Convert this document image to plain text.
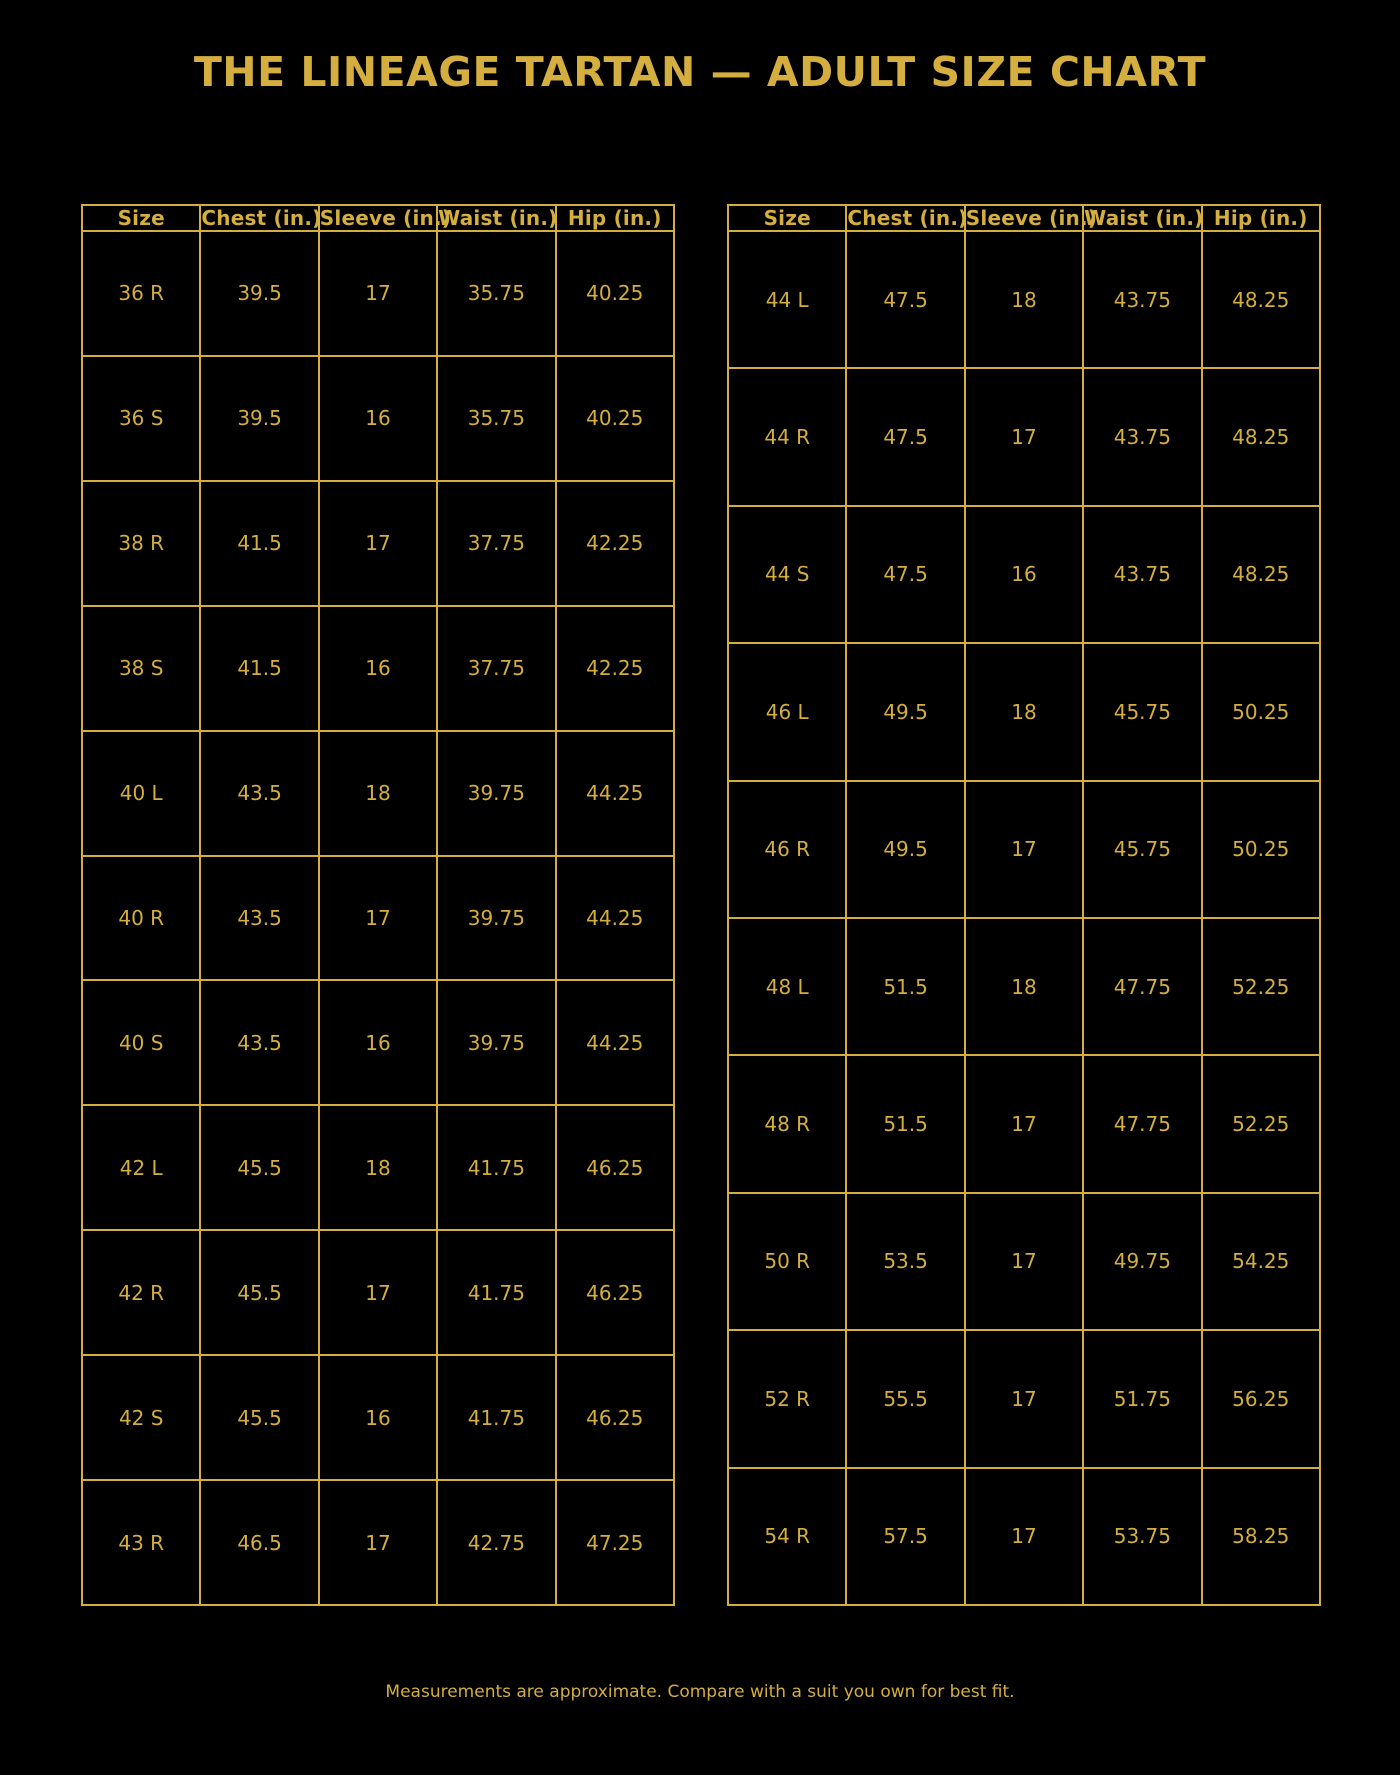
THE LINEAGE TARTAN — ADULT SIZE CHART
Size	Chest (in.)	Sleeve (in.)	Waist (in.)	Hip (in.)
36 R	39.5	17	35.75	40.25
36 S	39.5	16	35.75	40.25
38 R	41.5	17	37.75	42.25
38 S	41.5	16	37.75	42.25
40 L	43.5	18	39.75	44.25
40 R	43.5	17	39.75	44.25
40 S	43.5	16	39.75	44.25
42 L	45.5	18	41.75	46.25
42 R	45.5	17	41.75	46.25
42 S	45.5	16	41.75	46.25
43 R	46.5	17	42.75	47.25
Size	Chest (in.)	Sleeve (in.)	Waist (in.)	Hip (in.)
44 L	47.5	18	43.75	48.25
44 R	47.5	17	43.75	48.25
44 S	47.5	16	43.75	48.25
46 L	49.5	18	45.75	50.25
46 R	49.5	17	45.75	50.25
48 L	51.5	18	47.75	52.25
48 R	51.5	17	47.75	52.25
50 R	53.5	17	49.75	54.25
52 R	55.5	17	51.75	56.25
54 R	57.5	17	53.75	58.25
Measurements are approximate. Compare with a suit you own for best fit.
